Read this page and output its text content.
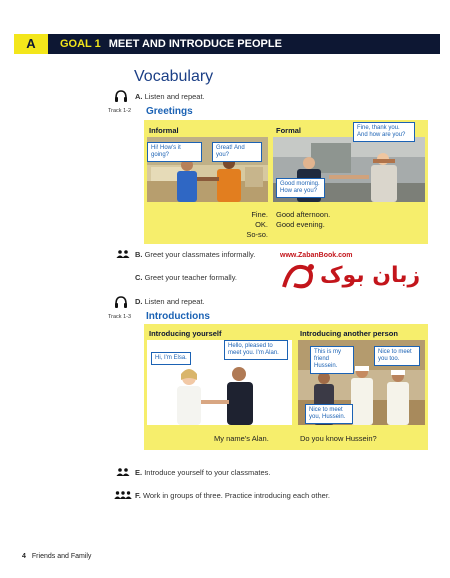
A	GOAL 1 MEET AND INTRODUCE PEOPLE
Vocabulary
A. Listen and repeat.
Track 1-2 Greetings
Informal	Formal
Hi! How's it going?
Great! And you?
Good morning. How are you?
Fine, thank you. And how are you?
Fine.
OK.
So-so.
Good afternoon.
Good evening.
B. Greet your classmates informally.	www.ZabanBook.com
زبان بوک
C. Greet your teacher formally.
D. Listen and repeat.
Track 1-3 Introductions
Introducing yourself	Introducing another person
Hi, I'm Elsa.
Hello, pleased to meet you. I'm Alan.	This is my friend Hussein.
Nice to meet you too.
Nice to meet you, Hussein.
My name's Alan.	Do you know Hussein?
E. Introduce yourself to your classmates.
F. Work in groups of three. Practice introducing each other.
4 Friends and Family
